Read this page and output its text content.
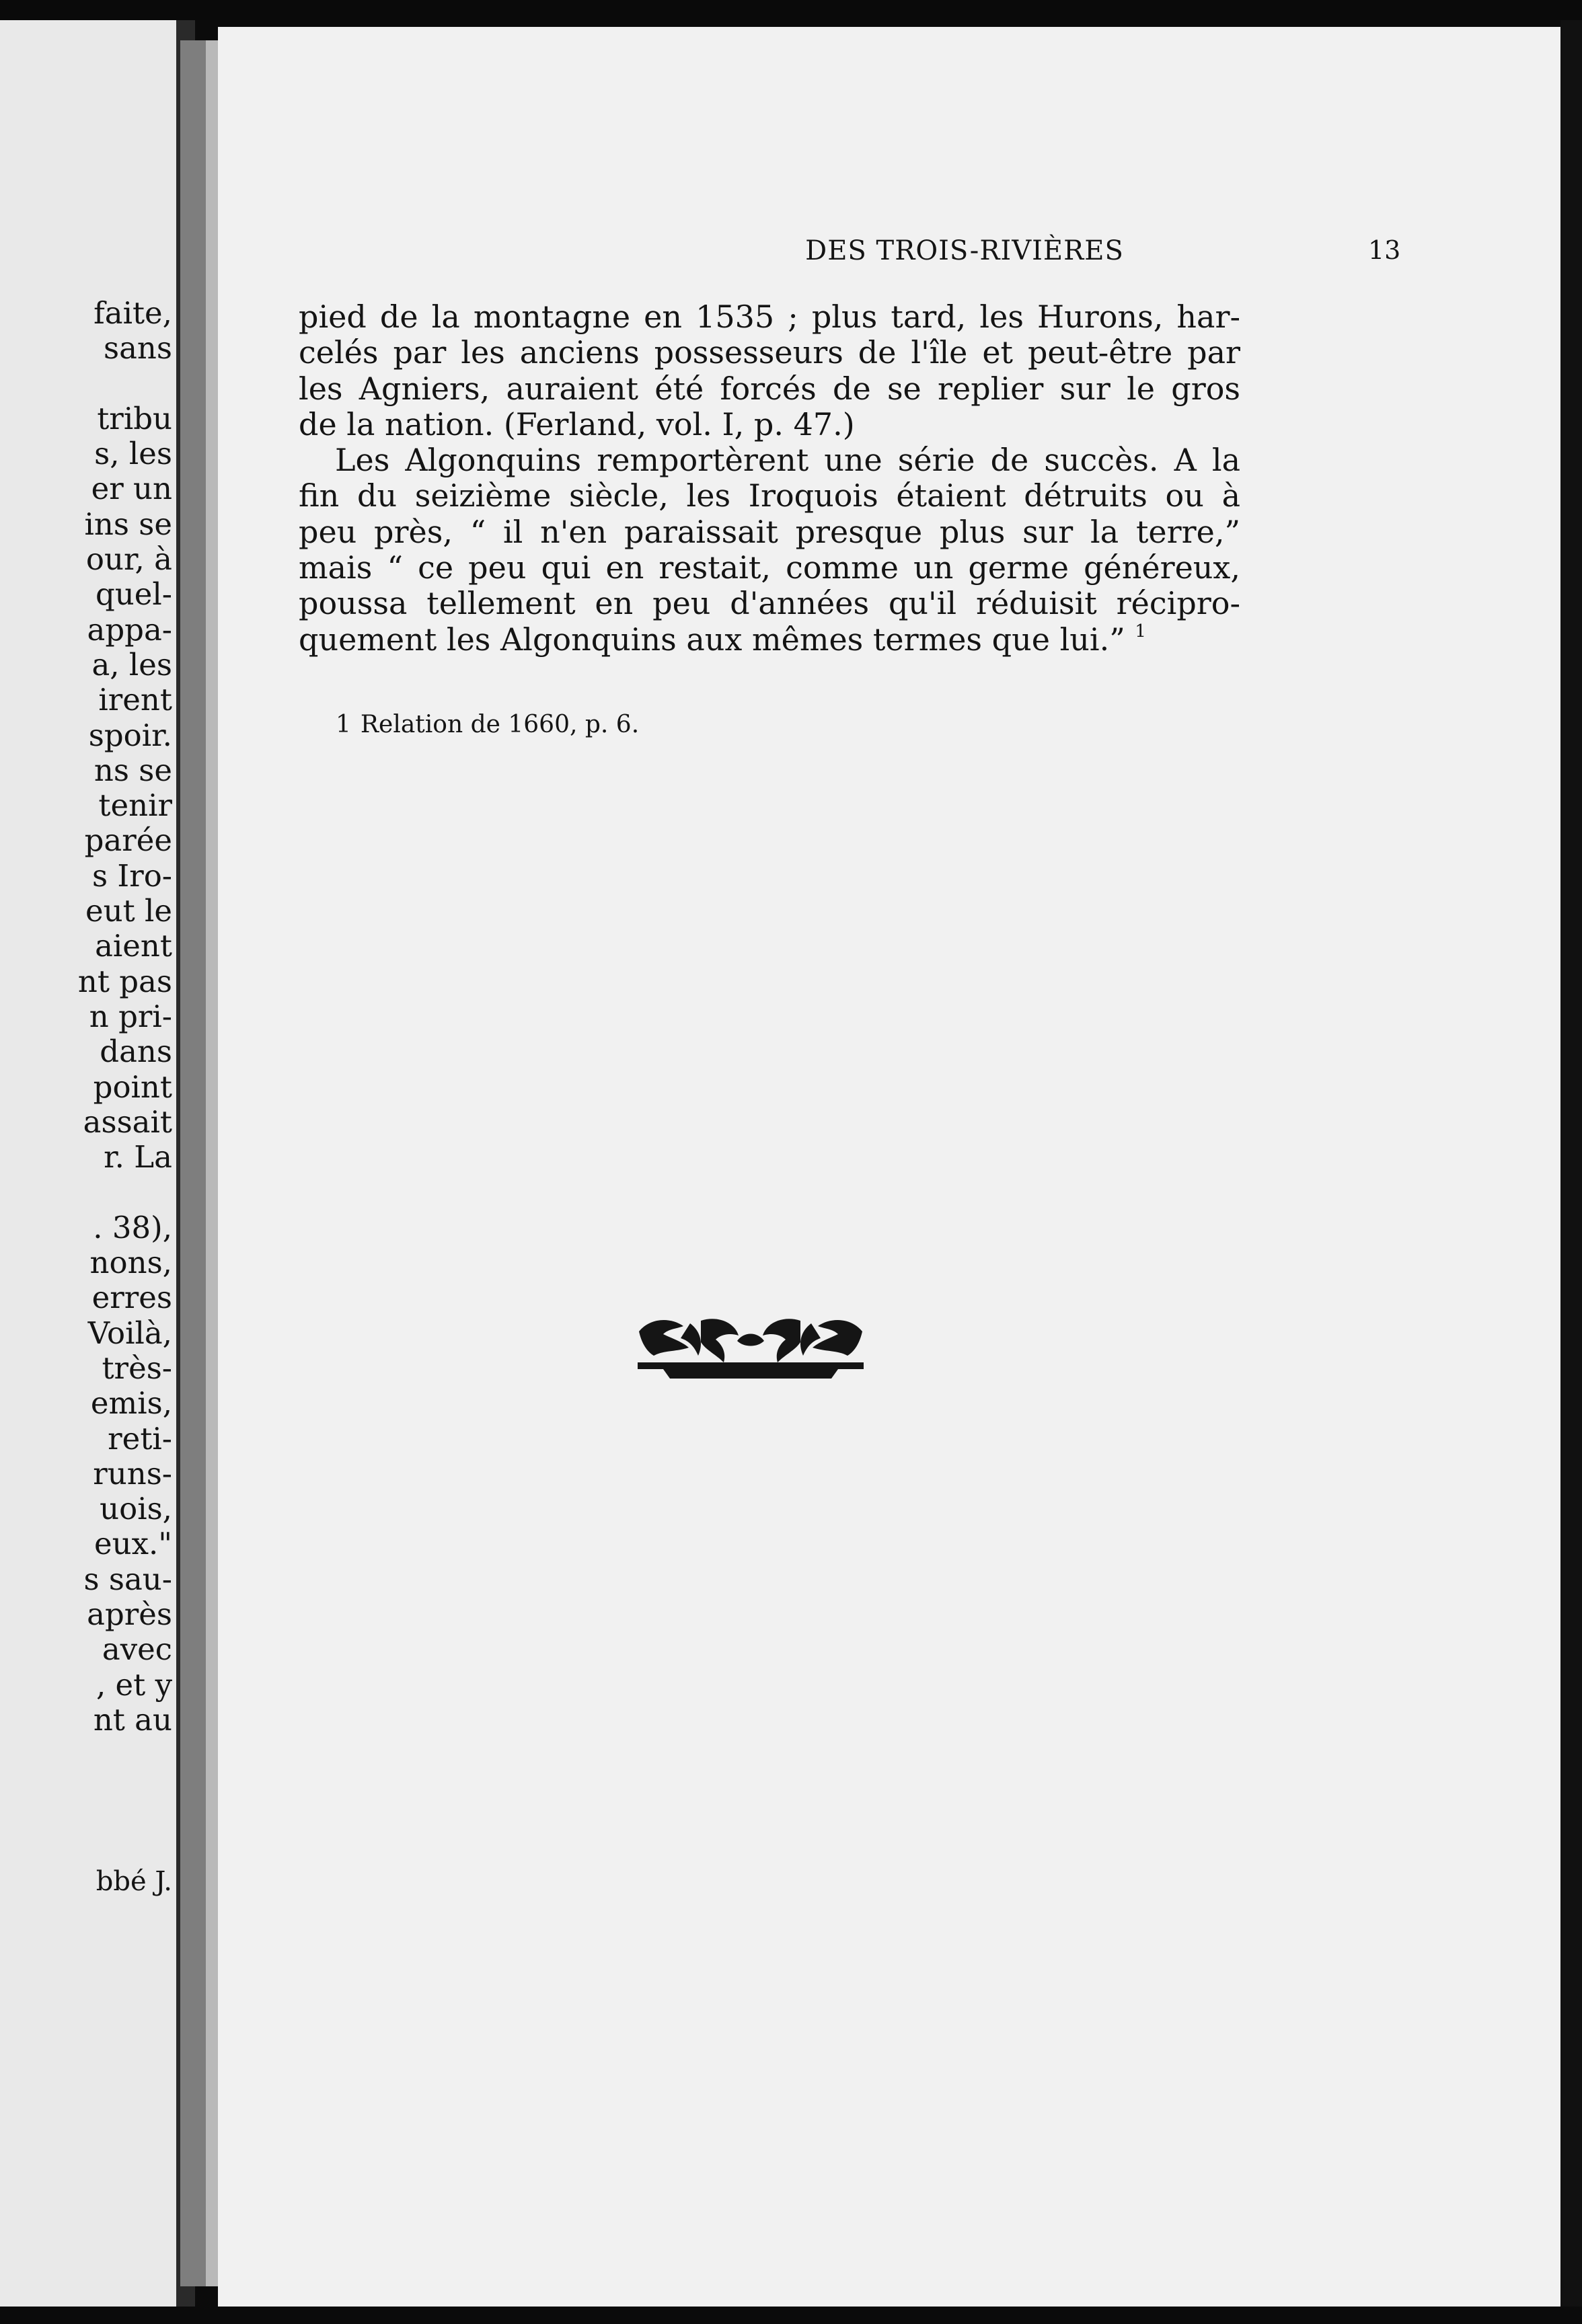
faite,
sans
tribu
s, les
er un
ins se
our, à
quel-
appa-
a, les
irent
spoir.
ns se
tenir
parée
s Iro-
eut le
aient
nt pas
n pri-
dans
point
assait
r. La
. 38),
nons,
erres
Voilà,
très-
emis,
reti-
runs-
uois,
eux."
s sau-
après
avec
, et y
nt au
bbé J.
DES TROIS-RIVIÈRES	13
pied de la montagne en 1535 ; plus tard, les Hurons, har-
celés par les anciens possesseurs de l'île et peut-être par
les Agniers, auraient été forcés de se replier sur le gros
de la nation. (Ferland, vol. I, p. 47.)
Les Algonquins remportèrent une série de succès. A la
fin du seizième siècle, les Iroquois étaient détruits ou à
peu près, “ il n'en paraissait presque plus sur la terre,”
mais “ ce peu qui en restait, comme un germe généreux,
poussa tellement en peu d'années qu'il réduisit récipro-
quement les Algonquins aux mêmes termes que lui.” $^1$
1 Relation de 1660, p. 6.
